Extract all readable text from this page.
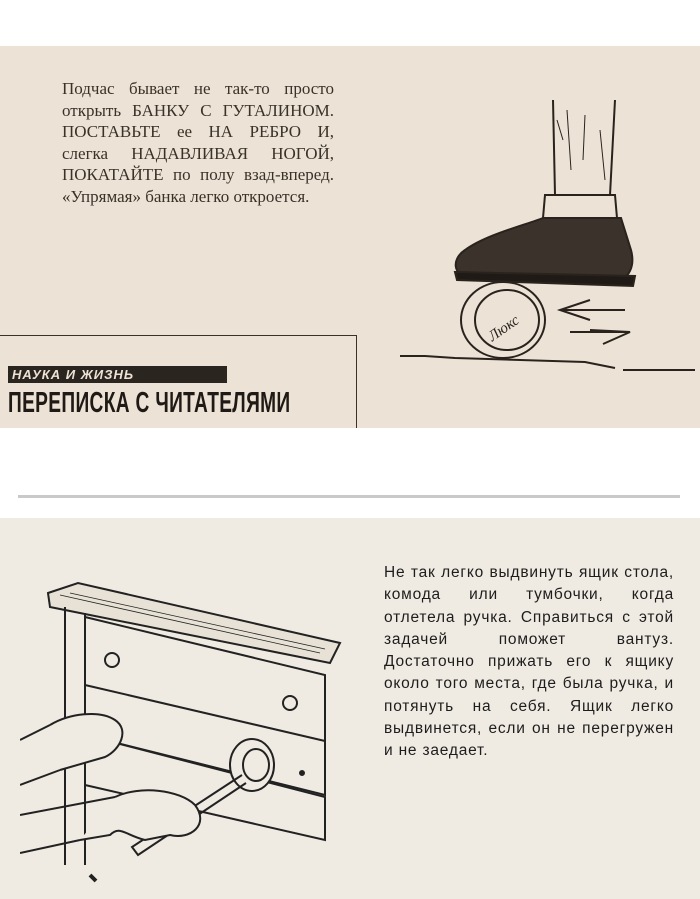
Подчас бывает не так-то просто открыть БАНКУ С ГУТАЛИНОМ. ПОСТАВЬТЕ ее НА РЕБРО И, слегка НАДАВЛИВАЯ НОГОЙ, ПОКАТАЙТЕ по полу взад-вперед. «Упрямая» банка легко откроется.

НАУКА И ЖИЗНЬ
ПЕРЕПИСКА С ЧИТАТЕЛЯМИ
Люкс

Не так легко выдвинуть ящик стола, комода или тумбочки, когда отлетела ручка. Справиться с этой задачей поможет вантуз. Достаточно прижать его к ящику около того места, где была ручка, и потянуть на себя. Ящик легко выдвинется, если он не перегружен и не заедает.
